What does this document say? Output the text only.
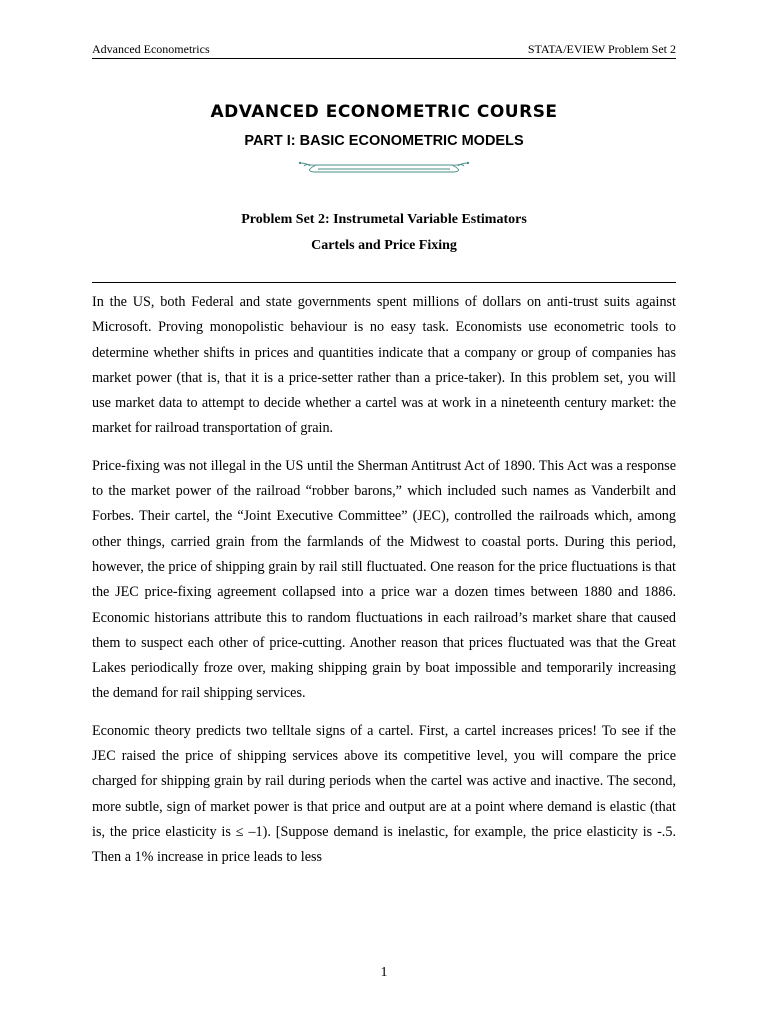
Advanced Econometrics	STATA/EVIEW Problem Set 2
ADVANCED ECONOMETRIC COURSE
PART I: BASIC ECONOMETRIC MODELS
Problem Set 2: Instrumetal Variable Estimators
Cartels and Price Fixing

In the US, both Federal and state governments spent millions of dollars on anti-trust suits against Microsoft. Proving monopolistic behaviour is no easy task. Economists use econometric tools to determine whether shifts in prices and quantities indicate that a company or group of companies has market power (that is, that it is a price-setter rather than a price-taker). In this problem set, you will use market data to attempt to decide whether a cartel was at work in a nineteenth century market: the market for railroad transportation of grain.

Price-fixing was not illegal in the US until the Sherman Antitrust Act of 1890. This Act was a response to the market power of the railroad “robber barons,” which included such names as Vanderbilt and Forbes. Their cartel, the “Joint Executive Committee” (JEC), controlled the railroads which, among other things, carried grain from the farmlands of the Midwest to coastal ports. During this period, however, the price of shipping grain by rail still fluctuated. One reason for the price fluctuations is that the JEC price-fixing agreement collapsed into a price war a dozen times between 1880 and 1886. Economic historians attribute this to random fluctuations in each railroad’s market share that caused them to suspect each other of price-cutting. Another reason that prices fluctuated was that the Great Lakes periodically froze over, making shipping grain by boat impossible and temporarily increasing the demand for rail shipping services.

Economic theory predicts two telltale signs of a cartel. First, a cartel increases prices! To see if the JEC raised the price of shipping services above its competitive level, you will compare the price charged for shipping grain by rail during periods when the cartel was active and inactive. The second, more subtle, sign of market power is that price and output are at a point where demand is elastic (that is, the price elasticity is ≤ –1). [Suppose demand is inelastic, for example, the price elasticity is -.5. Then a 1% increase in price leads to less

1
